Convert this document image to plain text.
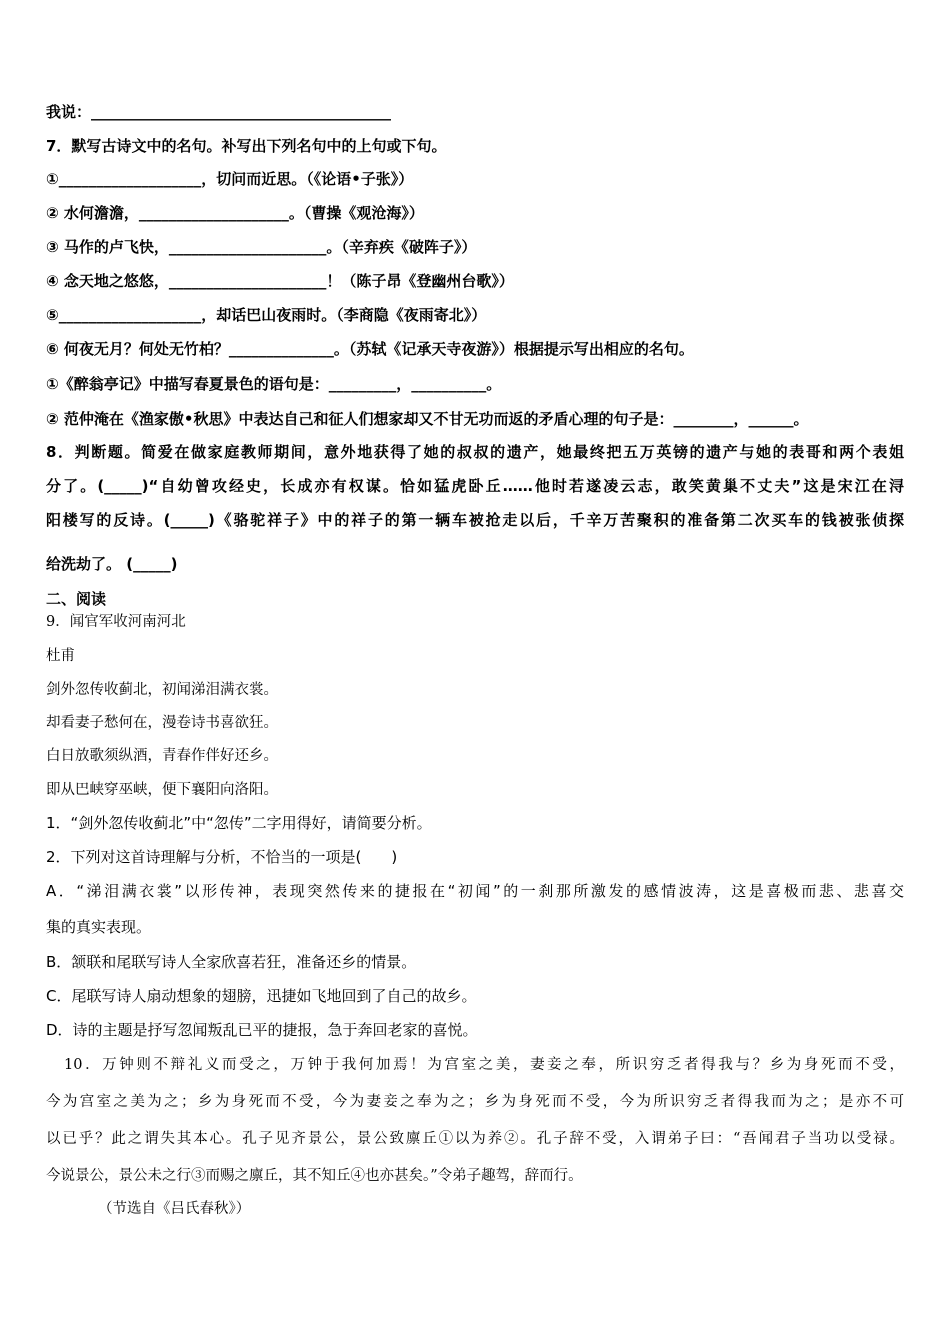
我说：________________________________________
7．默写古诗文中的名句。补写出下列名句中的上句或下句。
①___________________，切问而近思。（《论语•子张》）
② 水何澹澹，____________________。（曹操《观沧海》）
③ 马作的卢飞快，_____________________。（辛弃疾《破阵子》）
④ 念天地之悠悠，_____________________！（陈子昂《登幽州台歌》）
⑤___________________，却话巴山夜雨时。（李商隐《夜雨寄北》）
⑥ 何夜无月？何处无竹柏？______________。（苏轼《记承天寺夜游》）根据提示写出相应的名句。
①《醉翁亭记》中描写春夏景色的语句是：_________，__________。
② 范仲淹在《渔家傲•秋思》中表达自己和征人们想家却又不甘无功而返的矛盾心理的句子是：________，______。
8．判断题。简爱在做家庭教师期间，意外地获得了她的叔叔的遗产，她最终把五万英镑的遗产与她的表哥和两个表姐
分了。(_____)“自幼曾攻经史，长成亦有权谋。恰如猛虎卧丘……他时若遂凌云志，敢笑黄巢不丈夫”这是宋江在浔
阳楼写的反诗。(_____)《骆驼祥子》中的祥子的第一辆车被抢走以后，千辛万苦聚积的准备第二次买车的钱被张侦探
给洗劫了。 (_____)
二、阅读
9．闻官军收河南河北
杜甫
剑外忽传收蓟北，初闻涕泪满衣裳。
却看妻子愁何在，漫卷诗书喜欲狂。
白日放歌须纵酒，青春作伴好还乡。
即从巴峡穿巫峡，便下襄阳向洛阳。
1．“剑外忽传收蓟北”中“忽传”二字用得好，请简要分析。
2．下列对这首诗理解与分析，不恰当的一项是(　　)
A．“涕泪满衣裳”以形传神，表现突然传来的捷报在“初闻”的一刹那所激发的感情波涛，这是喜极而悲、悲喜交
集的真实表现。
B．颔联和尾联写诗人全家欣喜若狂，准备还乡的情景。
C．尾联写诗人扇动想象的翅膀，迅捷如飞地回到了自己的故乡。
D．诗的主题是抒写忽闻叛乱已平的捷报，急于奔回老家的喜悦。
10．万钟则不辩礼义而受之，万钟于我何加焉！为宫室之美，妻妾之奉，所识穷乏者得我与？乡为身死而不受，
今为宫室之美为之；乡为身死而不受，今为妻妾之奉为之；乡为身死而不受，今为所识穷乏者得我而为之；是亦不可
以已乎？此之谓失其本心。孔子见齐景公，景公致廪丘①以为养②。孔子辞不受，入谓弟子曰：“吾闻君子当功以受禄。
今说景公，景公未之行③而赐之廪丘，其不知丘④也亦甚矣。”令弟子趣驾，辞而行。
（节选自《吕氏春秋》）
